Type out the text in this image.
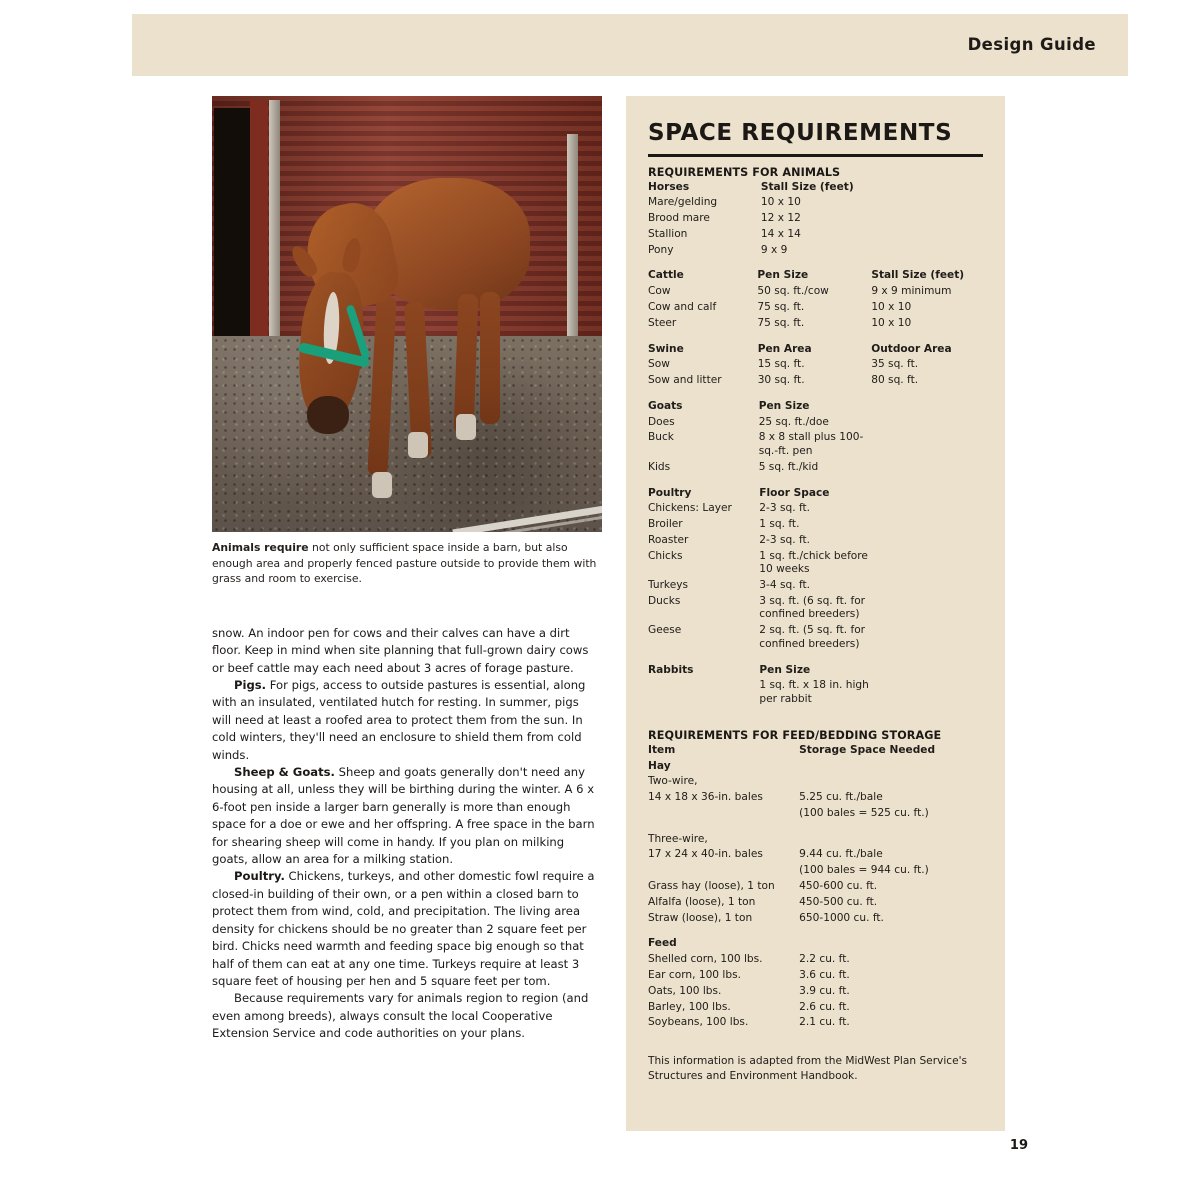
Design Guide
Animals require not only sufficient space inside a barn, but also enough area and properly fenced pasture outside to provide them with grass and room to exercise.

snow. An indoor pen for cows and their calves can have a dirt floor. Keep in mind when site planning that full-grown dairy cows or beef cattle may each need about 3 acres of forage pasture.

Pigs. For pigs, access to outside pastures is essential, along with an insulated, ventilated hutch for resting. In summer, pigs will need at least a roofed area to protect them from the sun. In cold winters, they'll need an enclosure to shield them from cold winds.

Sheep & Goats. Sheep and goats generally don't need any housing at all, unless they will be birthing during the winter. A 6 x 6-foot pen inside a larger barn generally is more than enough space for a doe or ewe and her offspring. A free space in the barn for shearing sheep will come in handy. If you plan on milking goats, allow an area for a milking station.

Poultry. Chickens, turkeys, and other domestic fowl require a closed-in building of their own, or a pen within a closed barn to protect them from wind, cold, and precipitation. The living area density for chickens should be no greater than 2 square feet per bird. Chicks need warmth and feeding space big enough so that half of them can eat at any one time. Turkeys require at least 3 square feet of housing per hen and 5 square feet per tom.

Because requirements vary for animals region to region (and even among breeds), always consult the local Cooperative Extension Service and code authorities on your plans.

SPACE REQUIREMENTS
REQUIREMENTS FOR ANIMALS
Horses	Stall Size (feet)	
Mare/gelding	10 x 10	
Brood mare	12 x 12	
Stallion	14 x 14	
Pony	9 x 9	

Cattle	Pen Size	Stall Size (feet)
Cow	50 sq. ft./cow	9 x 9 minimum
Cow and calf	75 sq. ft.	10 x 10
Steer	75 sq. ft.	10 x 10

Swine	Pen Area	Outdoor Area
Sow	15 sq. ft.	35 sq. ft.
Sow and litter	30 sq. ft.	80 sq. ft.

Goats	Pen Size	
Does	25 sq. ft./doe	
Buck	8 x 8 stall plus 100-sq.-ft. pen	
Kids	5 sq. ft./kid	

Poultry	Floor Space	
Chickens: Layer	2-3 sq. ft.	
Broiler	1 sq. ft.	
Roaster	2-3 sq. ft.	
Chicks	1 sq. ft./chick before 10 weeks	
Turkeys	3-4 sq. ft.	
Ducks	3 sq. ft. (6 sq. ft. for confined breeders)	
Geese	2 sq. ft. (5 sq. ft. for confined breeders)	

Rabbits	Pen Size	
	1 sq. ft. x 18 in. high per rabbit	
REQUIREMENTS FOR FEED/BEDDING STORAGE
Item	Storage Space Needed
Hay	
Two-wire,	
14 x 18 x 36-in. bales	5.25 cu. ft./bale
	(100 bales = 525 cu. ft.)

Three-wire,	
17 x 24 x 40-in. bales	9.44 cu. ft./bale
	(100 bales = 944 cu. ft.)
Grass hay (loose), 1 ton	450-600 cu. ft.
Alfalfa (loose), 1 ton	450-500 cu. ft.
Straw (loose), 1 ton	650-1000 cu. ft.

Feed	
Shelled corn, 100 lbs.	2.2 cu. ft.
Ear corn, 100 lbs.	3.6 cu. ft.
Oats, 100 lbs.	3.9 cu. ft.
Barley, 100 lbs.	2.6 cu. ft.
Soybeans, 100 lbs.	2.1 cu. ft.
This information is adapted from the MidWest Plan Service's Structures and Environment Handbook.
19
